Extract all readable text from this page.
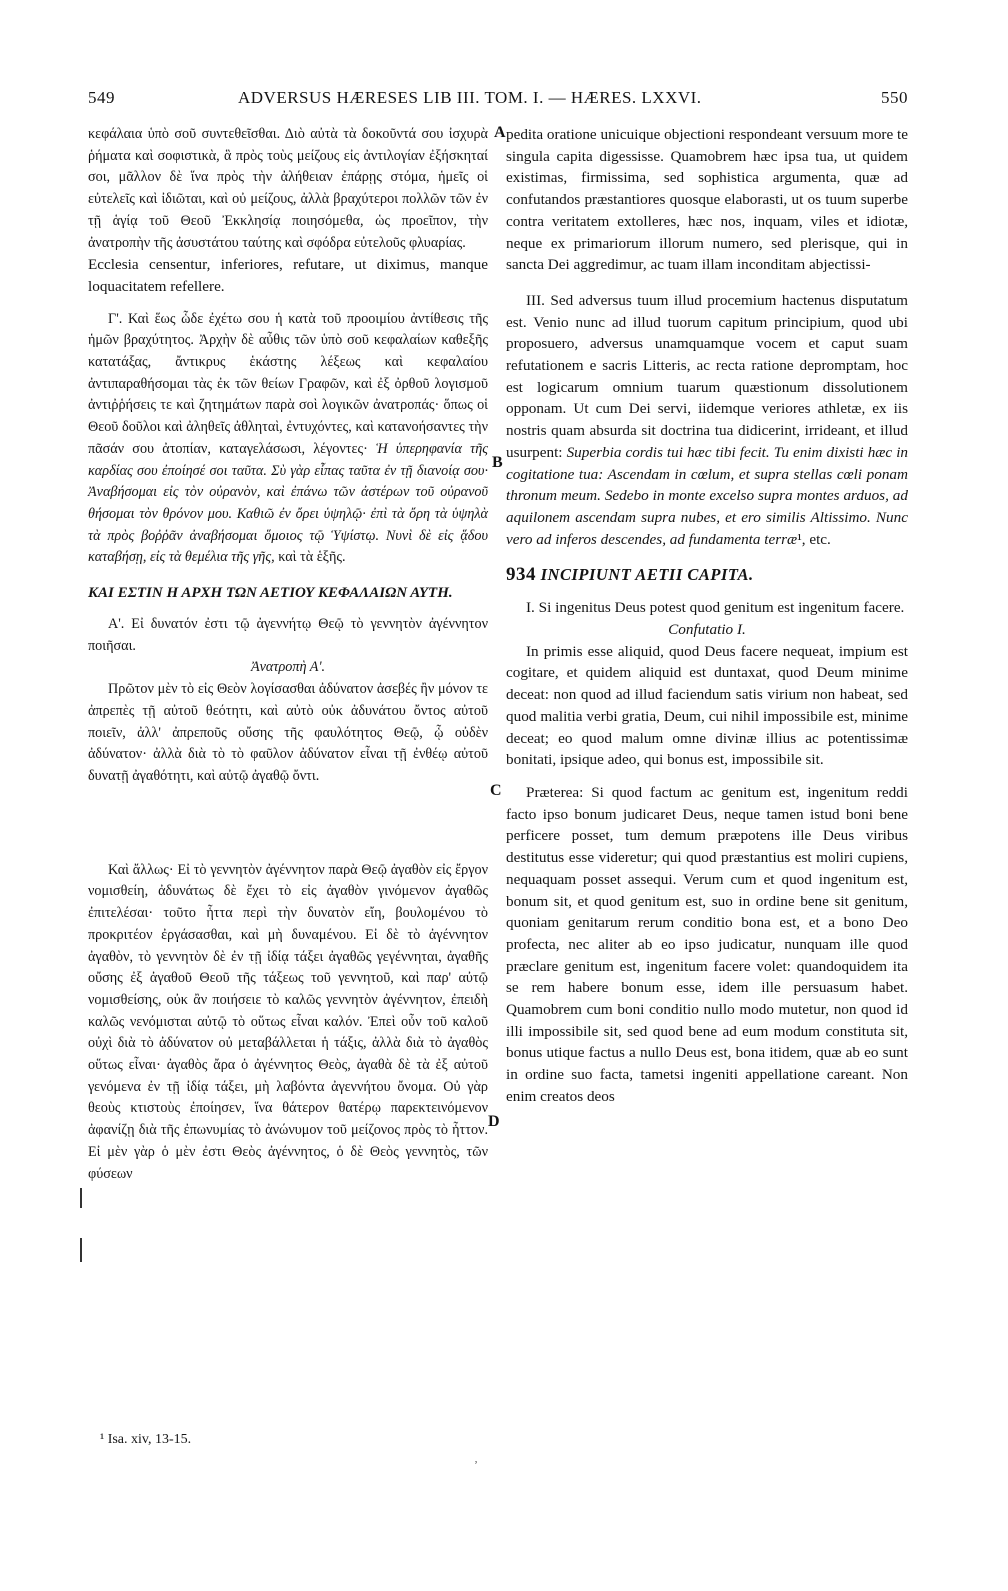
549	ADVERSUS HÆRESES LIB III. TOM. I. — HÆRES. LXXVI.	550
A
B
C
D

κεφάλαια ὑπὸ σοῦ συντεθεῖσθαι. Διὸ αὐτὰ τὰ δοκοῦντά σου ἰσχυρὰ ῥήματα καὶ σοφιστικὰ, ἃ πρὸς τοὺς μείζους εἰς ἀντιλογίαν ἐξήσκηταί σοι, μᾶλλον δὲ ἵνα πρὸς τὴν ἀλήθειαν ἐπάρῃς στόμα, ἡμεῖς οἱ εὐτελεῖς καὶ ἰδιῶται, καὶ οὐ μείζους, ἀλλὰ βραχύτεροι πολλῶν τῶν ἐν τῇ ἁγίᾳ τοῦ Θεοῦ Ἐκκλησίᾳ ποιησόμεθα, ὡς προεῖπον, τὴν ἀνατροπὴν τῆς ἀσυστάτου ταύτης καὶ σφόδρα εὐτελοῦς φλυαρίας.

Ecclesia censentur, inferiores, refutare, ut diximus, manque loquacitatem refellere.

Γ'. Καὶ ἕως ὧδε ἐχέτω σου ἡ κατὰ τοῦ προοιμίου ἀντίθεσις τῆς ἡμῶν βραχύτητος. Ἀρχὴν δὲ αὖθις τῶν ὑπὸ σοῦ κεφαλαίων καθεξῆς κατατάξας, ἄντικρυς ἑκάστης λέξεως καὶ κεφαλαίου ἀντιπαραθήσομαι τὰς ἐκ τῶν θείων Γραφῶν, καὶ ἐξ ὀρθοῦ λογισμοῦ ἀντιῤῥήσεις τε καὶ ζητημάτων παρὰ σοὶ λογικῶν ἀνατροπάς· ὅπως οἱ Θεοῦ δοῦλοι καὶ ἀληθεῖς ἀθληταὶ, ἐντυχόντες, καὶ κατανοήσαντες τὴν πᾶσάν σου ἀτοπίαν, καταγελάσωσι, λέγοντες· Ἡ ὑπερηφανία τῆς καρδίας σου ἐποίησέ σοι ταῦτα. Σὺ γὰρ εἶπας ταῦτα ἐν τῇ διανοίᾳ σου· Ἀναβήσομαι εἰς τὸν οὐρανὸν, καὶ ἐπάνω τῶν ἀστέρων τοῦ οὐρανοῦ θήσομαι τὸν θρόνον μου. Καθιῶ ἐν ὄρει ὑψηλῷ· ἐπὶ τὰ ὄρη τὰ ὑψηλὰ τὰ πρὸς βοῤῥᾶν ἀναβήσομαι ὅμοιος τῷ Ὑψίστῳ. Νυνὶ δὲ εἰς ᾅδου καταβήσῃ, εἰς τὰ θεμέλια τῆς γῆς, καὶ τὰ ἑξῆς.

ΚΑΙ ΕΣΤΙΝ Η ΑΡΧΗ ΤΩΝ ΑΕΤΙΟΥ ΚΕΦΑΛΑΙΩΝ ΑΥΤΗ.

Α'. Εἰ δυνατόν ἐστι τῷ ἀγεννήτῳ Θεῷ τὸ γεννητὸν ἀγέννητον ποιῆσαι.

Ἀνατροπὴ Α'.

Πρῶτον μὲν τὸ εἰς Θεὸν λογίσασθαι ἀδύνατον ἀσεβές ἢν μόνον τε ἀπρεπὲς τῇ αὐτοῦ θεότητι, καὶ αὐτὸ οὐκ ἀδυνάτου ὄντος αὐτοῦ ποιεῖν, ἀλλ' ἀπρεποῦς οὔσης τῆς φαυλότητος Θεῷ, ᾧ οὐδὲν ἀδύνατον· ἀλλὰ διὰ τὸ τὸ φαῦλον ἀδύνατον εἶναι τῇ ἐνθέῳ αὐτοῦ δυνατῇ ἀγαθότητι, καὶ αὐτῷ ἀγαθῷ ὄντι.

Καὶ ἄλλως· Εἰ τὸ γεννητὸν ἀγέννητον παρὰ Θεῷ ἀγαθὸν εἰς ἔργον νομισθείη, ἀδυνάτως δὲ ἔχει τὸ εἰς ἀγαθὸν γινόμενον ἀγαθῶς ἐπιτελέσαι· τοῦτο ἧττα περὶ τὴν δυνατὸν εἴη, βουλομένου τὸ προκριτέον ἐργάσασθαι, καὶ μὴ δυναμένου. Εἰ δὲ τὸ ἀγέννητον ἀγαθὸν, τὸ γεννητὸν δὲ ἐν τῇ ἰδίᾳ τάξει ἀγαθῶς γεγέννηται, ἀγαθῆς οὔσης ἐξ ἀγαθοῦ Θεοῦ τῆς τάξεως τοῦ γεννητοῦ, καὶ παρ' αὐτῷ νομισθείσης, οὐκ ἂν ποιήσειε τὸ καλῶς γεννητὸν ἀγέννητον, ἐπειδὴ καλῶς νενόμισται αὐτῷ τὸ οὕτως εἶναι καλόν. Ἐπεὶ οὖν τοῦ καλοῦ οὐχὶ διὰ τὸ ἀδύνατον οὐ μεταβάλλεται ἡ τάξις, ἀλλὰ διὰ τὸ ἀγαθὸς οὕτως εἶναι· ἀγαθὸς ἄρα ὁ ἀγέννητος Θεὸς, ἀγαθὰ δὲ τὰ ἐξ αὐτοῦ γενόμενα ἐν τῇ ἰδίᾳ τάξει, μὴ λαβόντα ἀγεννήτου ὄνομα. Οὐ γὰρ θεοὺς κτιστοὺς ἐποίησεν, ἵνα θάτερον θατέρῳ παρεκτεινόμενον ἀφανίζῃ διὰ τῆς ἐπωνυμίας τὸ ἀνώνυμον τοῦ μείζονος πρὸς τὸ ἧττον. Εἰ μὲν γὰρ ὁ μὲν ἐστι Θεὸς ἀγέννητος, ὁ δὲ Θεὸς γεννητὸς, τῶν φύσεων

pedita oratione unicuique objectioni respondeant versuum more te singula capita digessisse. Quamobrem hæc ipsa tua, ut quidem existimas, firmissima, sed sophistica argumenta, quæ ad confutandos præstantiores quosque elaborasti, ut os tuum superbe contra veritatem extolleres, hæc nos, inquam, viles et idiotæ, neque ex primariorum illorum numero, sed plerisque, qui in sancta Dei aggredimur, ac tuam illam inconditam abjectissi-

III. Sed adversus tuum illud procemium hactenus disputatum est. Venio nunc ad illud tuorum capitum principium, quod ubi proposuero, adversus unamquamque vocem et caput suam refutationem e sacris Litteris, ac recta ratione depromptam, hoc est logicarum omnium tuarum quæstionum dissolutionem opponam. Ut cum Dei servi, iidemque veriores athletæ, ex iis nostris quam absurda sit doctrina tua didicerint, irrideant, et illud usurpent: Superbia cordis tui hæc tibi fecit. Tu enim dixisti hæc in cogitatione tua: Ascendam in cœlum, et supra stellas cœli ponam thronum meum. Sedebo in monte excelso supra montes arduos, ad aquilonem ascendam supra nubes, et ero similis Altissimo. Nunc vero ad inferos descendes, ad fundamenta terræ¹, etc.

934 INCIPIUNT AETII CAPITA.

I. Si ingenitus Deus potest quod genitum est ingenitum facere.

Confutatio I.

In primis esse aliquid, quod Deus facere nequeat, impium est cogitare, et quidem aliquid est duntaxat, quod Deum minime deceat: non quod ad illud faciendum satis virium non habeat, sed quod malitia verbi gratia, Deum, cui nihil impossibile est, minime deceat; eo quod malum omne divinæ illius ac potentissimæ bonitati, ipsique adeo, qui bonus est, impossibile sit.

Præterea: Si quod factum ac genitum est, ingenitum reddi facto ipso bonum judicaret Deus, neque tamen istud boni bene perficere posset, tum demum præpotens ille Deus viribus destitutus esse videretur; qui quod præstantius est moliri cupiens, nequaquam posset assequi. Verum cum et quod ingenitum est, bonum sit, et quod genitum est, suo in ordine bene sit genitum, quoniam genitarum rerum conditio bona est, et a bono Deo profecta, nec aliter ab eo ipso judicatur, nunquam ille quod præclare genitum est, ingenitum facere volet: quandoquidem ita se rem habere bonum esse, idem ille persuasum habet. Quamobrem cum boni conditio nullo modo mutetur, non quod id illi impossibile sit, sed quod bene ad eum modum constituta sit, bonus utique factus a nullo Deus est, bona itidem, quæ ab eo sunt in ordine suo facta, tametsi ingeniti appellatione careant. Non enim creatos deos

¹ Isa. xiv, 13-15.
ʼ
